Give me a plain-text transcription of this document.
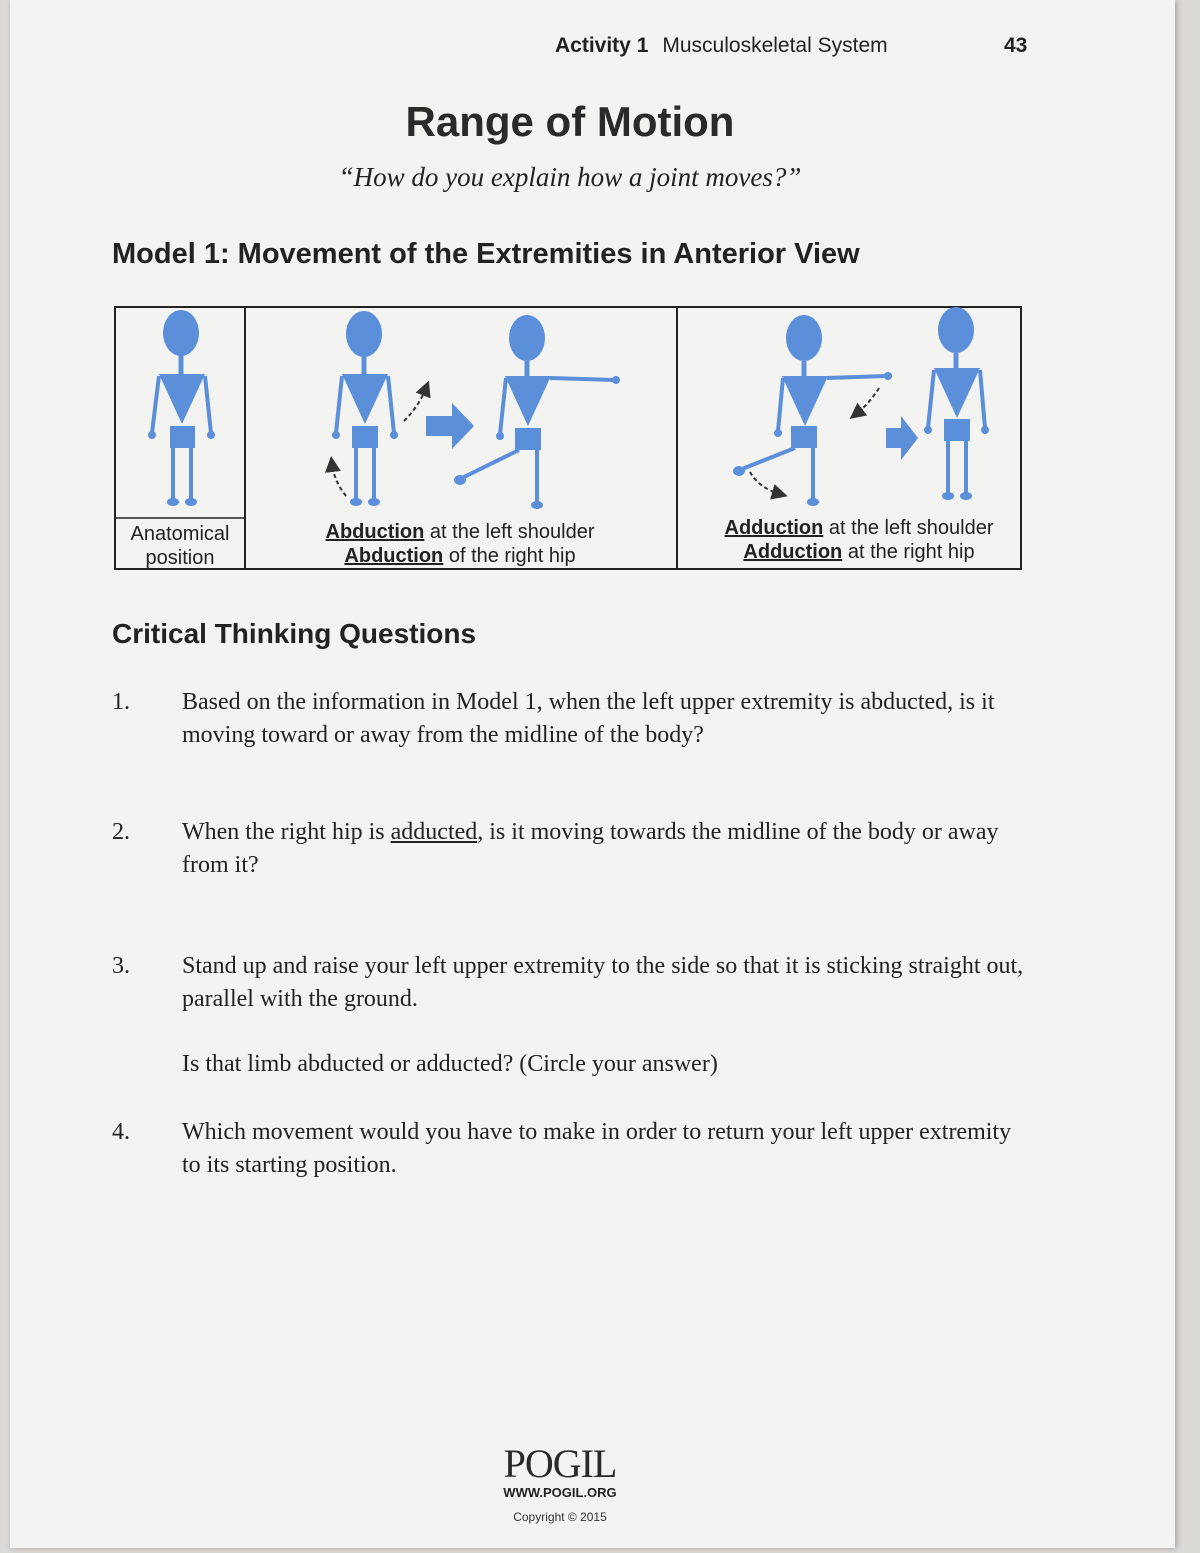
Activity 1 Musculoskeletal System	43
Range of Motion
“How do you explain how a joint moves?”
Model 1: Movement of the Extremities in Anterior View
Anatomical
position
Abduction at the left shoulder
Abduction of the right hip
Adduction at the left shoulder
Adduction at the right hip
Critical Thinking Questions
1. Based on the information in Model 1, when the left upper extremity is abducted, is it moving toward or away from the midline of the body?
2. When the right hip is adducted, is it moving towards the midline of the body or away from it?
3. Stand up and raise your left upper extremity to the side so that it is sticking straight out, parallel with the ground.
Is that limb abducted or adducted? (Circle your answer)
4. Which movement would you have to make in order to return your left upper extremity to its starting position.
POGIL
WWW.POGIL.ORG
Copyright © 2015
